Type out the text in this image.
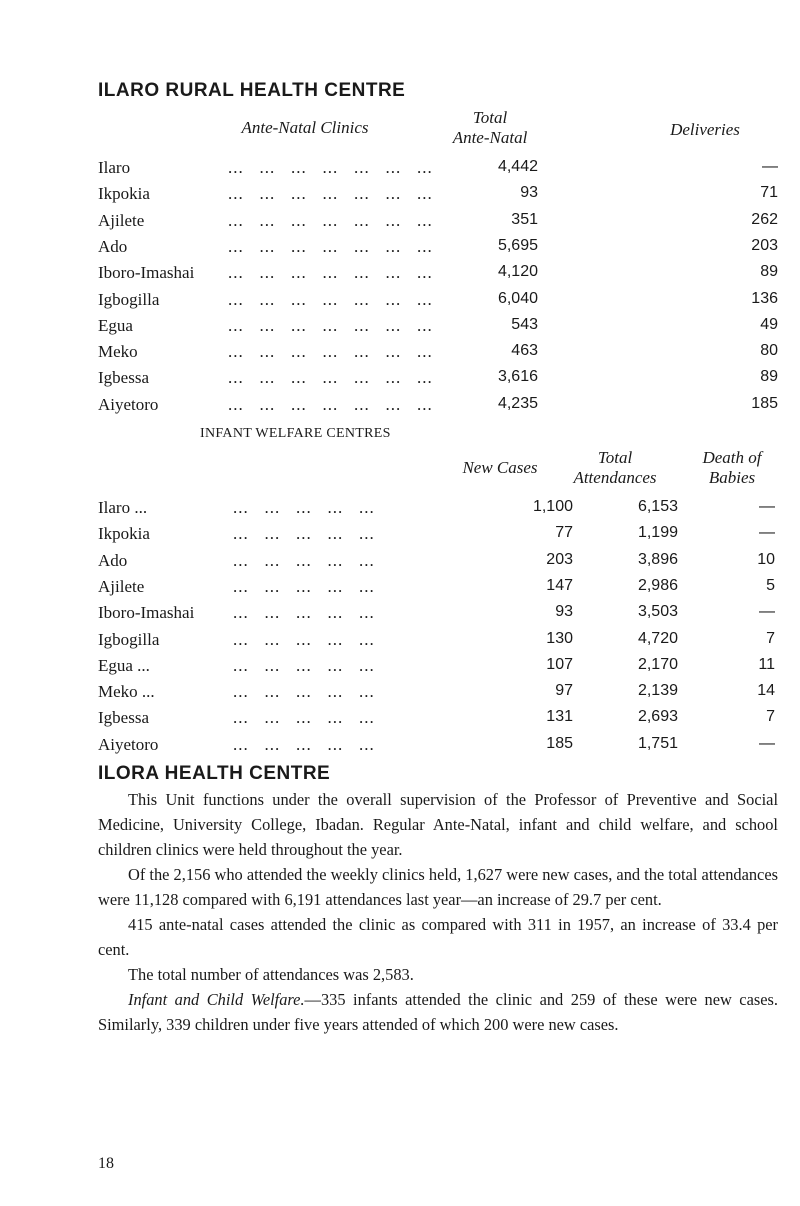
ILARO RURAL HEALTH CENTRE
Ante-Natal Clinics
Total
Ante-Natal	Deliveries
Ilaro	...   ...   ...   ...   ...   ...   ...	4,442	—
Ikpokia	...   ...   ...   ...   ...   ...   ...	93	71
Ajilete	...   ...   ...   ...   ...   ...   ...	351	262
Ado	...   ...   ...   ...   ...   ...   ...	5,695	203
Iboro-Imashai ...   ...   ...   ...   ...   ...   ...	4,120	89
Igbogilla	...   ...   ...   ...   ...   ...   ...	6,040	136
Egua	...   ...   ...   ...   ...   ...   ...	543	49
Meko	...   ...   ...   ...   ...   ...   ...	463	80
Igbessa	...   ...   ...   ...   ...   ...   ...	3,616	89
Aiyetoro	...   ...   ...   ...   ...   ...   ...	4,235	185
INFANT WELFARE CENTRES
New Cases
Total
Attendances
Death of
Babies
Ilaro ...	...   ...   ...   ...   ...	1,100	6,153	—
Ikpokia	...   ...   ...   ...   ...	77	1,199	—
Ado	...   ...   ...   ...   ...	203	3,896	10
Ajilete	...   ...   ...   ...   ...	147	2,986	5
Iboro-Imashai ...   ...   ...   ...   ...	93	3,503	—
Igbogilla	...   ...   ...   ...   ...	130	4,720	7
Egua ...	...   ...   ...   ...   ...	107	2,170	11
Meko ...	...   ...   ...   ...   ...	97	2,139	14
Igbessa	...   ...   ...   ...   ...	131	2,693	7
Aiyetoro	...   ...   ...   ...   ...	185	1,751	—
ILORA HEALTH CENTRE

This Unit functions under the overall supervision of the Professor of Preventive and Social Medicine, University College, Ibadan. Regular Ante-Natal, infant and child welfare, and school children clinics were held throughout the year.

Of the 2,156 who attended the weekly clinics held, 1,627 were new cases, and the total attendances were 11,128 compared with 6,191 attendances last year—an increase of 29.7 per cent.

415 ante-natal cases attended the clinic as compared with 311 in 1957, an increase of 33.4 per cent.

The total number of attendances was 2,583.

Infant and Child Welfare.—335 infants attended the clinic and 259 of these were new cases. Similarly, 339 children under five years attended of which 200 were new cases.

18
